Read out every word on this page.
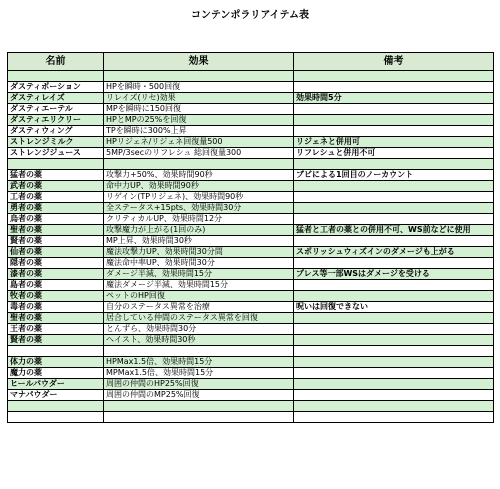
コンテンポラリアイテム表
名前	効果	備考

ダスティポーション	HPを瞬時・500回復	
ダスティレイズ	リレイズ(リセ)効果	効果時間5分
ダスティエーテル	MPを瞬時に150回復	
ダスティエリクリー	HPとMPの25%を回復	
ダスティウィング	TPを瞬時に300%上昇	
ストレンジミルク	HPリジェネ/リジェネ回復量500	リジェネと併用可
ストレンジジュース	5MP/3secのリフレシュ 総回復量300	リフレシュと併用不可

猛者の薬	攻撃力+50%、効果時間90秒	ブビによる1回目のノーカウント
武者の薬	命中力UP、効果時間90秒	
工者の薬	リゲイン(TPリジェネ)、効果時間90秒	
勇者の薬	全ステータス+15pts、効果時間30分	
烏者の薬	クリティカルUP、効果時間12分	
聖者の薬	攻撃魔力が上がる(1回のみ)	猛者と工者の薬との併用不可、WS前などに使用
賢者の薬	MP上昇、効果時間30秒	
仙者の薬	魔法攻撃力UP、効果時間30分間	スポリッシュウィズインのダメージも上がる
隠者の薬	魔法命中率UP、効果時間30分	
漆者の薬	ダメージ半減、効果時間15分	プレス等一部WSはダメージを受ける
島者の薬	魔法ダメージ半減、効果時間15分	
牧者の薬	ペットのHP回復	
毒者の薬	自分のステータス異常を治療	呪いは回復できない
聖者の薬	居合している仲間のステータス異常を回復	
王者の薬	とんずら、効果時間30分	
賢者の薬	ヘイスト、効果時間30秒	

体力の薬	HPMax1.5倍、効果時間15分	
魔力の薬	MPMax1.5倍、効果時間15分	
ヒールパウダー	周囲の仲間のHP25%回復	
マナパウダー	周囲の仲間のMP25%回復	
